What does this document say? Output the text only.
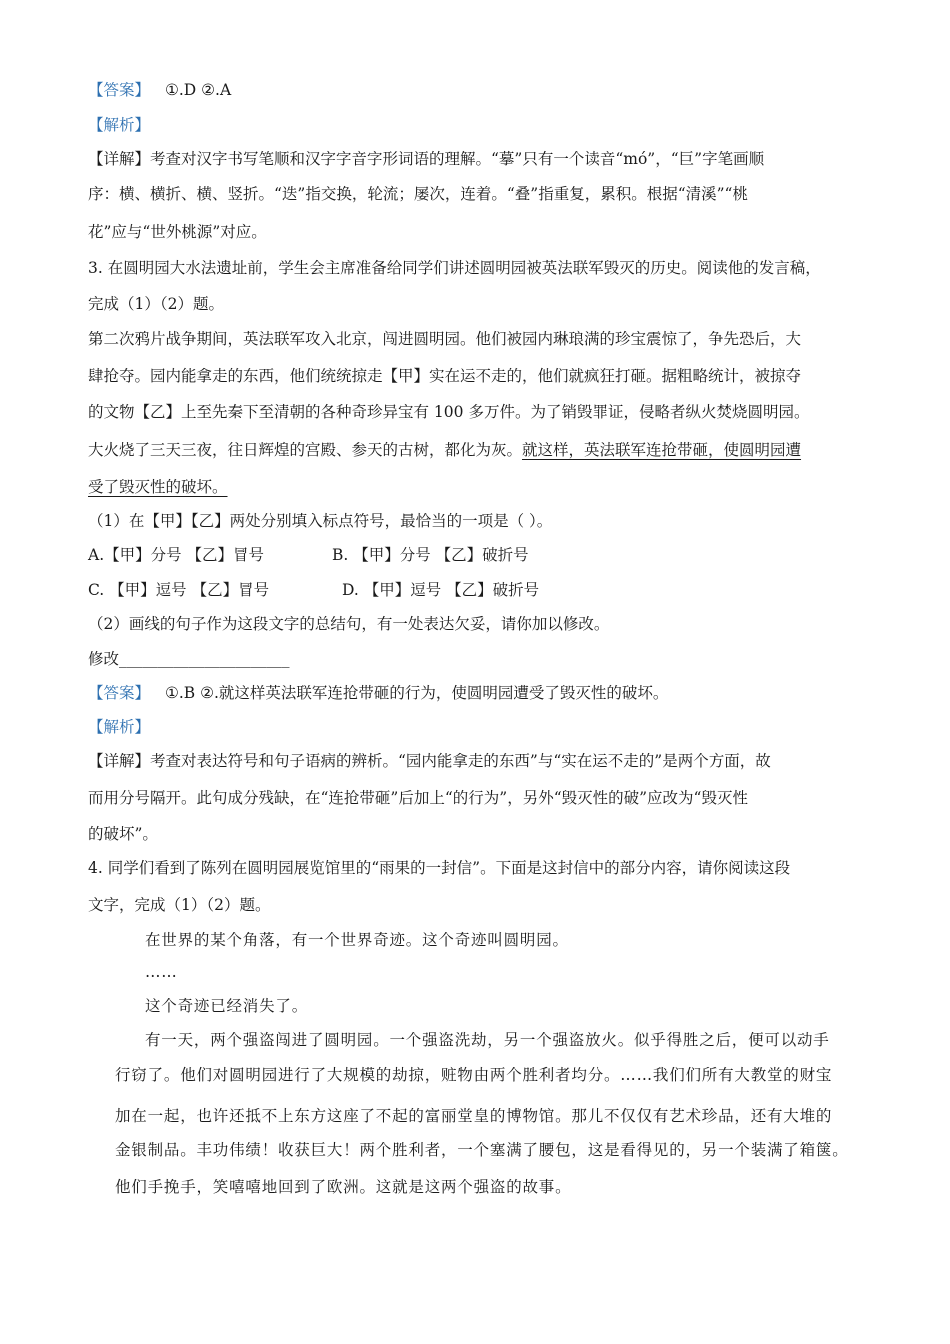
【答案】 ①.D ②.A
【解析】
【详解】考查对汉字书写笔顺和汉字字音字形词语的理解。“摹”只有一个读音“mó”，“巨”字笔画顺
序：横、横折、横、竖折。“迭”指交换，轮流；屡次，连着。“叠”指重复，累积。根据“清溪”“桃
花”应与“世外桃源”对应。
3. 在圆明园大水法遗址前，学生会主席准备给同学们讲述圆明园被英法联军毁灭的历史。阅读他的发言稿，
完成（1）（2）题。
第二次鸦片战争期间，英法联军攻入北京，闯进圆明园。他们被园内琳琅满的珍宝震惊了，争先恐后，大
肆抢夺。园内能拿走的东西，他们统统掠走【甲】实在运不走的，他们就疯狂打砸。据粗略统计，被掠夺
的文物【乙】上至先秦下至清朝的各种奇珍异宝有 100 多万件。为了销毁罪证，侵略者纵火焚烧圆明园。
大火烧了三天三夜，往日辉煌的宫殿、参天的古树，都化为灰。就这样，英法联军连抢带砸，使圆明园遭
受了毁灭性的破坏。
（1）在【甲】【乙】两处分别填入标点符号，最恰当的一项是（ ）。
A.【甲】分号 【乙】冒号	B. 【甲】分号 【乙】破折号
C. 【甲】逗号 【乙】冒号	D. 【甲】逗号 【乙】破折号
（2）画线的句子作为这段文字的总结句，有一处表达欠妥，请你加以修改。
修改______________________
【答案】 ①.B ②.就这样英法联军连抢带砸的行为，使圆明园遭受了毁灭性的破坏。
【解析】
【详解】考查对表达符号和句子语病的辨析。“园内能拿走的东西”与“实在运不走的”是两个方面，故
而用分号隔开。此句成分残缺，在“连抢带砸”后加上“的行为”，另外“毁灭性的破”应改为“毁灭性
的破坏”。
4. 同学们看到了陈列在圆明园展览馆里的“雨果的一封信”。下面是这封信中的部分内容，请你阅读这段
文字，完成（1）（2）题。
在世界的某个角落，有一个世界奇迹。这个奇迹叫圆明园。
……
这个奇迹已经消失了。
有一天，两个强盗闯进了圆明园。一个强盗洗劫，另一个强盗放火。似乎得胜之后，便可以动手
行窃了。他们对圆明园进行了大规模的劫掠，赃物由两个胜利者均分。……我们们所有大教堂的财宝
加在一起，也许还抵不上东方这座了不起的富丽堂皇的博物馆。那儿不仅仅有艺术珍品，还有大堆的
金银制品。丰功伟绩！收获巨大！两个胜利者，一个塞满了腰包，这是看得见的，另一个装满了箱箧。
他们手挽手，笑嘻嘻地回到了欧洲。这就是这两个强盗的故事。
